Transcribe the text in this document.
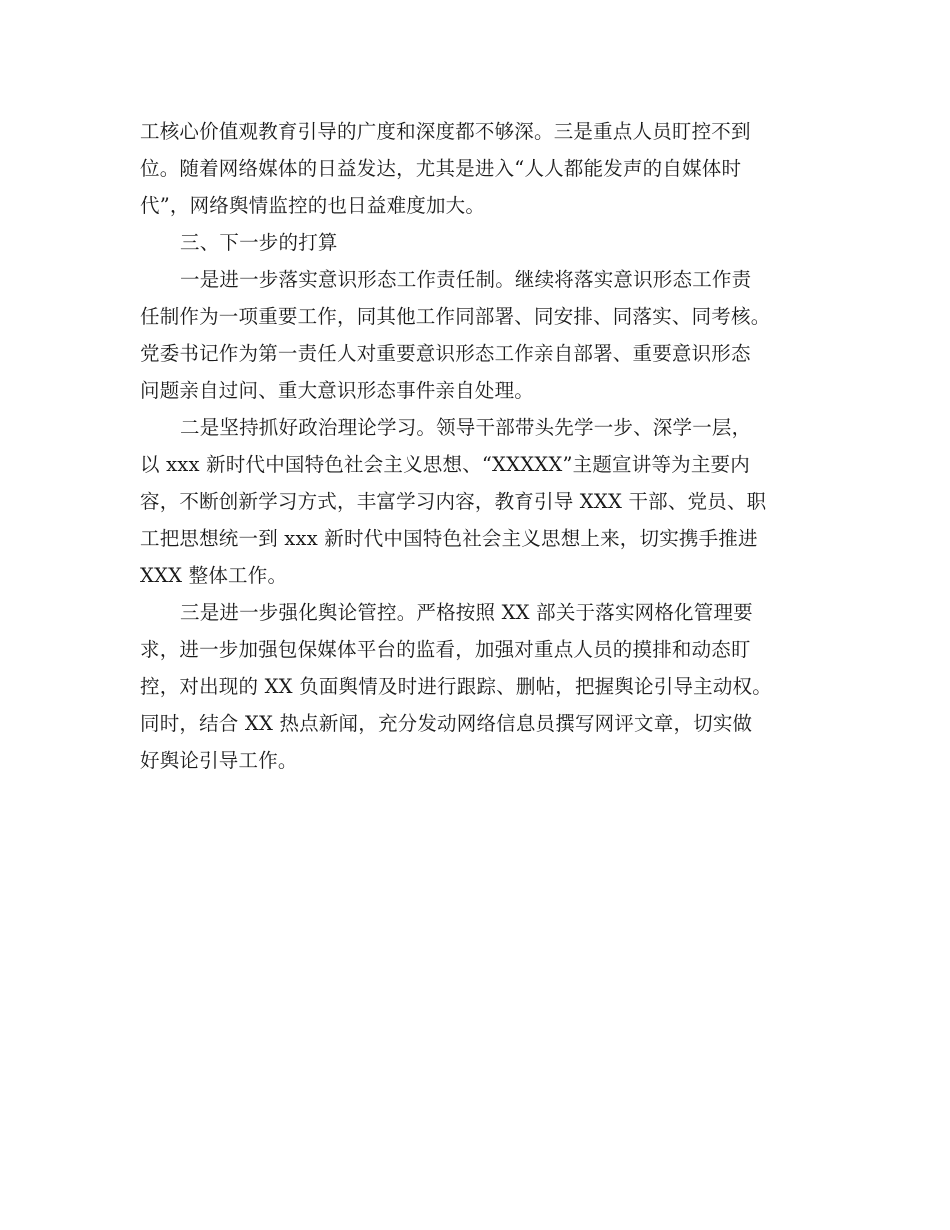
工核心价值观教育引导的广度和深度都不够深。三是重点人员盯控不到
位。随着网络媒体的日益发达，尤其是进入“人人都能发声的自媒体时
代”，网络舆情监控的也日益难度加大。
三、下一步的打算
一是进一步落实意识形态工作责任制。继续将落实意识形态工作责
任制作为一项重要工作，同其他工作同部署、同安排、同落实、同考核。
党委书记作为第一责任人对重要意识形态工作亲自部署、重要意识形态
问题亲自过问、重大意识形态事件亲自处理。
二是坚持抓好政治理论学习。领导干部带头先学一步、深学一层，
以 xxx 新时代中国特色社会主义思想、“XXXXX”主题宣讲等为主要内
容，不断创新学习方式，丰富学习内容，教育引导 XXX 干部、党员、职
工把思想统一到 xxx 新时代中国特色社会主义思想上来，切实携手推进
XXX 整体工作。
三是进一步强化舆论管控。严格按照 XX 部关于落实网格化管理要
求，进一步加强包保媒体平台的监看，加强对重点人员的摸排和动态盯
控，对出现的 XX 负面舆情及时进行跟踪、删帖，把握舆论引导主动权。
同时，结合 XX 热点新闻，充分发动网络信息员撰写网评文章，切实做
好舆论引导工作。
